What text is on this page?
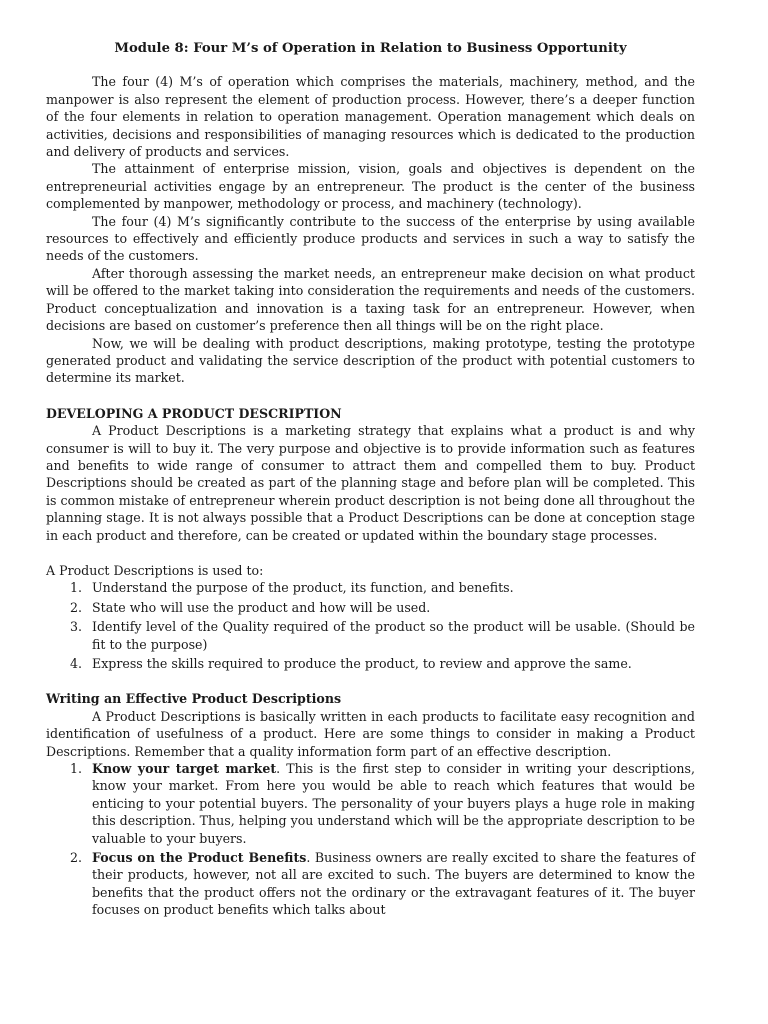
Module 8: Four M’s of Operation in Relation to Business Opportunity

The four (4) M’s of operation which comprises the materials, machinery, method, and the manpower is also represent the element of production process. However, there’s a deeper function of the four elements in relation to operation management. Operation management which deals on activities, decisions and responsibilities of managing resources which is dedicated to the production and delivery of products and services.

The attainment of enterprise mission, vision, goals and objectives is dependent on the entrepreneurial activities engage by an entrepreneur. The product is the center of the business complemented by manpower, methodology or process, and machinery (technology).

The four (4) M’s significantly contribute to the success of the enterprise by using available resources to effectively and efficiently produce products and services in such a way to satisfy the needs of the customers.

After thorough assessing the market needs, an entrepreneur make decision on what product will be offered to the market taking into consideration the requirements and needs of the customers. Product conceptualization and innovation is a taxing task for an entrepreneur. However, when decisions are based on customer’s preference then all things will be on the right place.

Now, we will be dealing with product descriptions, making prototype, testing the prototype generated product and validating the service description of the product with potential customers to determine its market.

DEVELOPING A PRODUCT DESCRIPTION

A Product Descriptions is a marketing strategy that explains what a product is and why consumer is will to buy it. The very purpose and objective is to provide information such as features and benefits to wide range of consumer to attract them and compelled them to buy. Product Descriptions should be created as part of the planning stage and before plan will be completed. This is common mistake of entrepreneur wherein product description is not being done all throughout the planning stage. It is not always possible that a Product Descriptions can be done at conception stage in each product and therefore, can be created or updated within the boundary stage processes.

A Product Descriptions is used to:

1. Understand the purpose of the product, its function, and benefits.
2. State who will use the product and how will be used.
3. Identify level of the Quality required of the product so the product will be usable. (Should be fit to the purpose)
4. Express the skills required to produce the product, to review and approve the same.
Writing an Effective Product Descriptions

A Product Descriptions is basically written in each products to facilitate easy recognition and identification of usefulness of a product. Here are some things to consider in making a Product Descriptions. Remember that a quality information form part of an effective description.

1. Know your target market. This is the first step to consider in writing your descriptions, know your market. From here you would be able to reach which features that would be enticing to your potential buyers. The personality of your buyers plays a huge role in making this description. Thus, helping you understand which will be the appropriate description to be valuable to your buyers.
2. Focus on the Product Benefits. Business owners are really excited to share the features of their products, however, not all are excited to such. The buyers are determined to know the benefits that the product offers not the ordinary or the extravagant features of it. The buyer focuses on product benefits which talks about
